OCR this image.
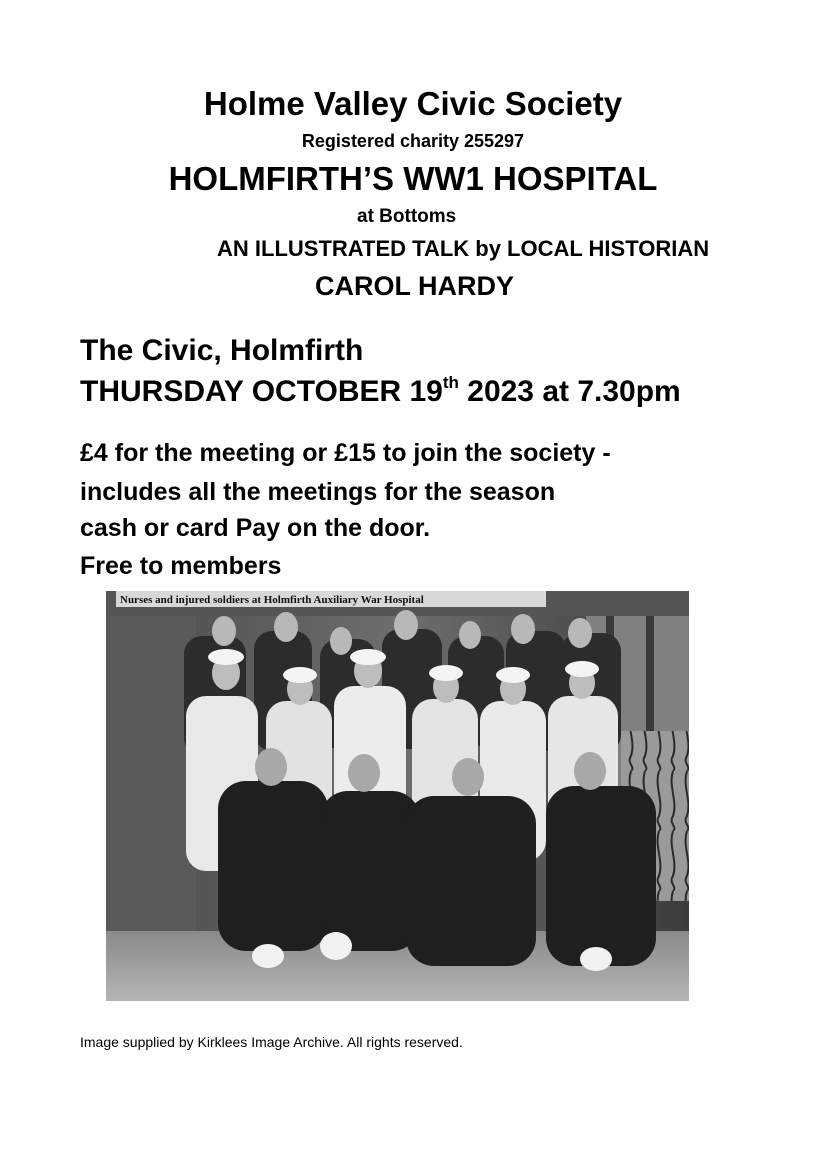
Holme Valley Civic Society
Registered charity 255297
HOLMFIRTH’S WW1 HOSPITAL
at Bottoms
AN ILLUSTRATED TALK by LOCAL HISTORIAN
CAROL HARDY
The Civic, Holmfirth
THURSDAY OCTOBER 19th 2023 at 7.30pm
£4 for the meeting or £15 to join the society -
includes all the meetings for the season
cash or card Pay on the door.
Free to members
Nurses and injured soldiers at Holmfirth Auxiliary War Hospital
Image supplied by Kirklees Image Archive. All rights reserved.
